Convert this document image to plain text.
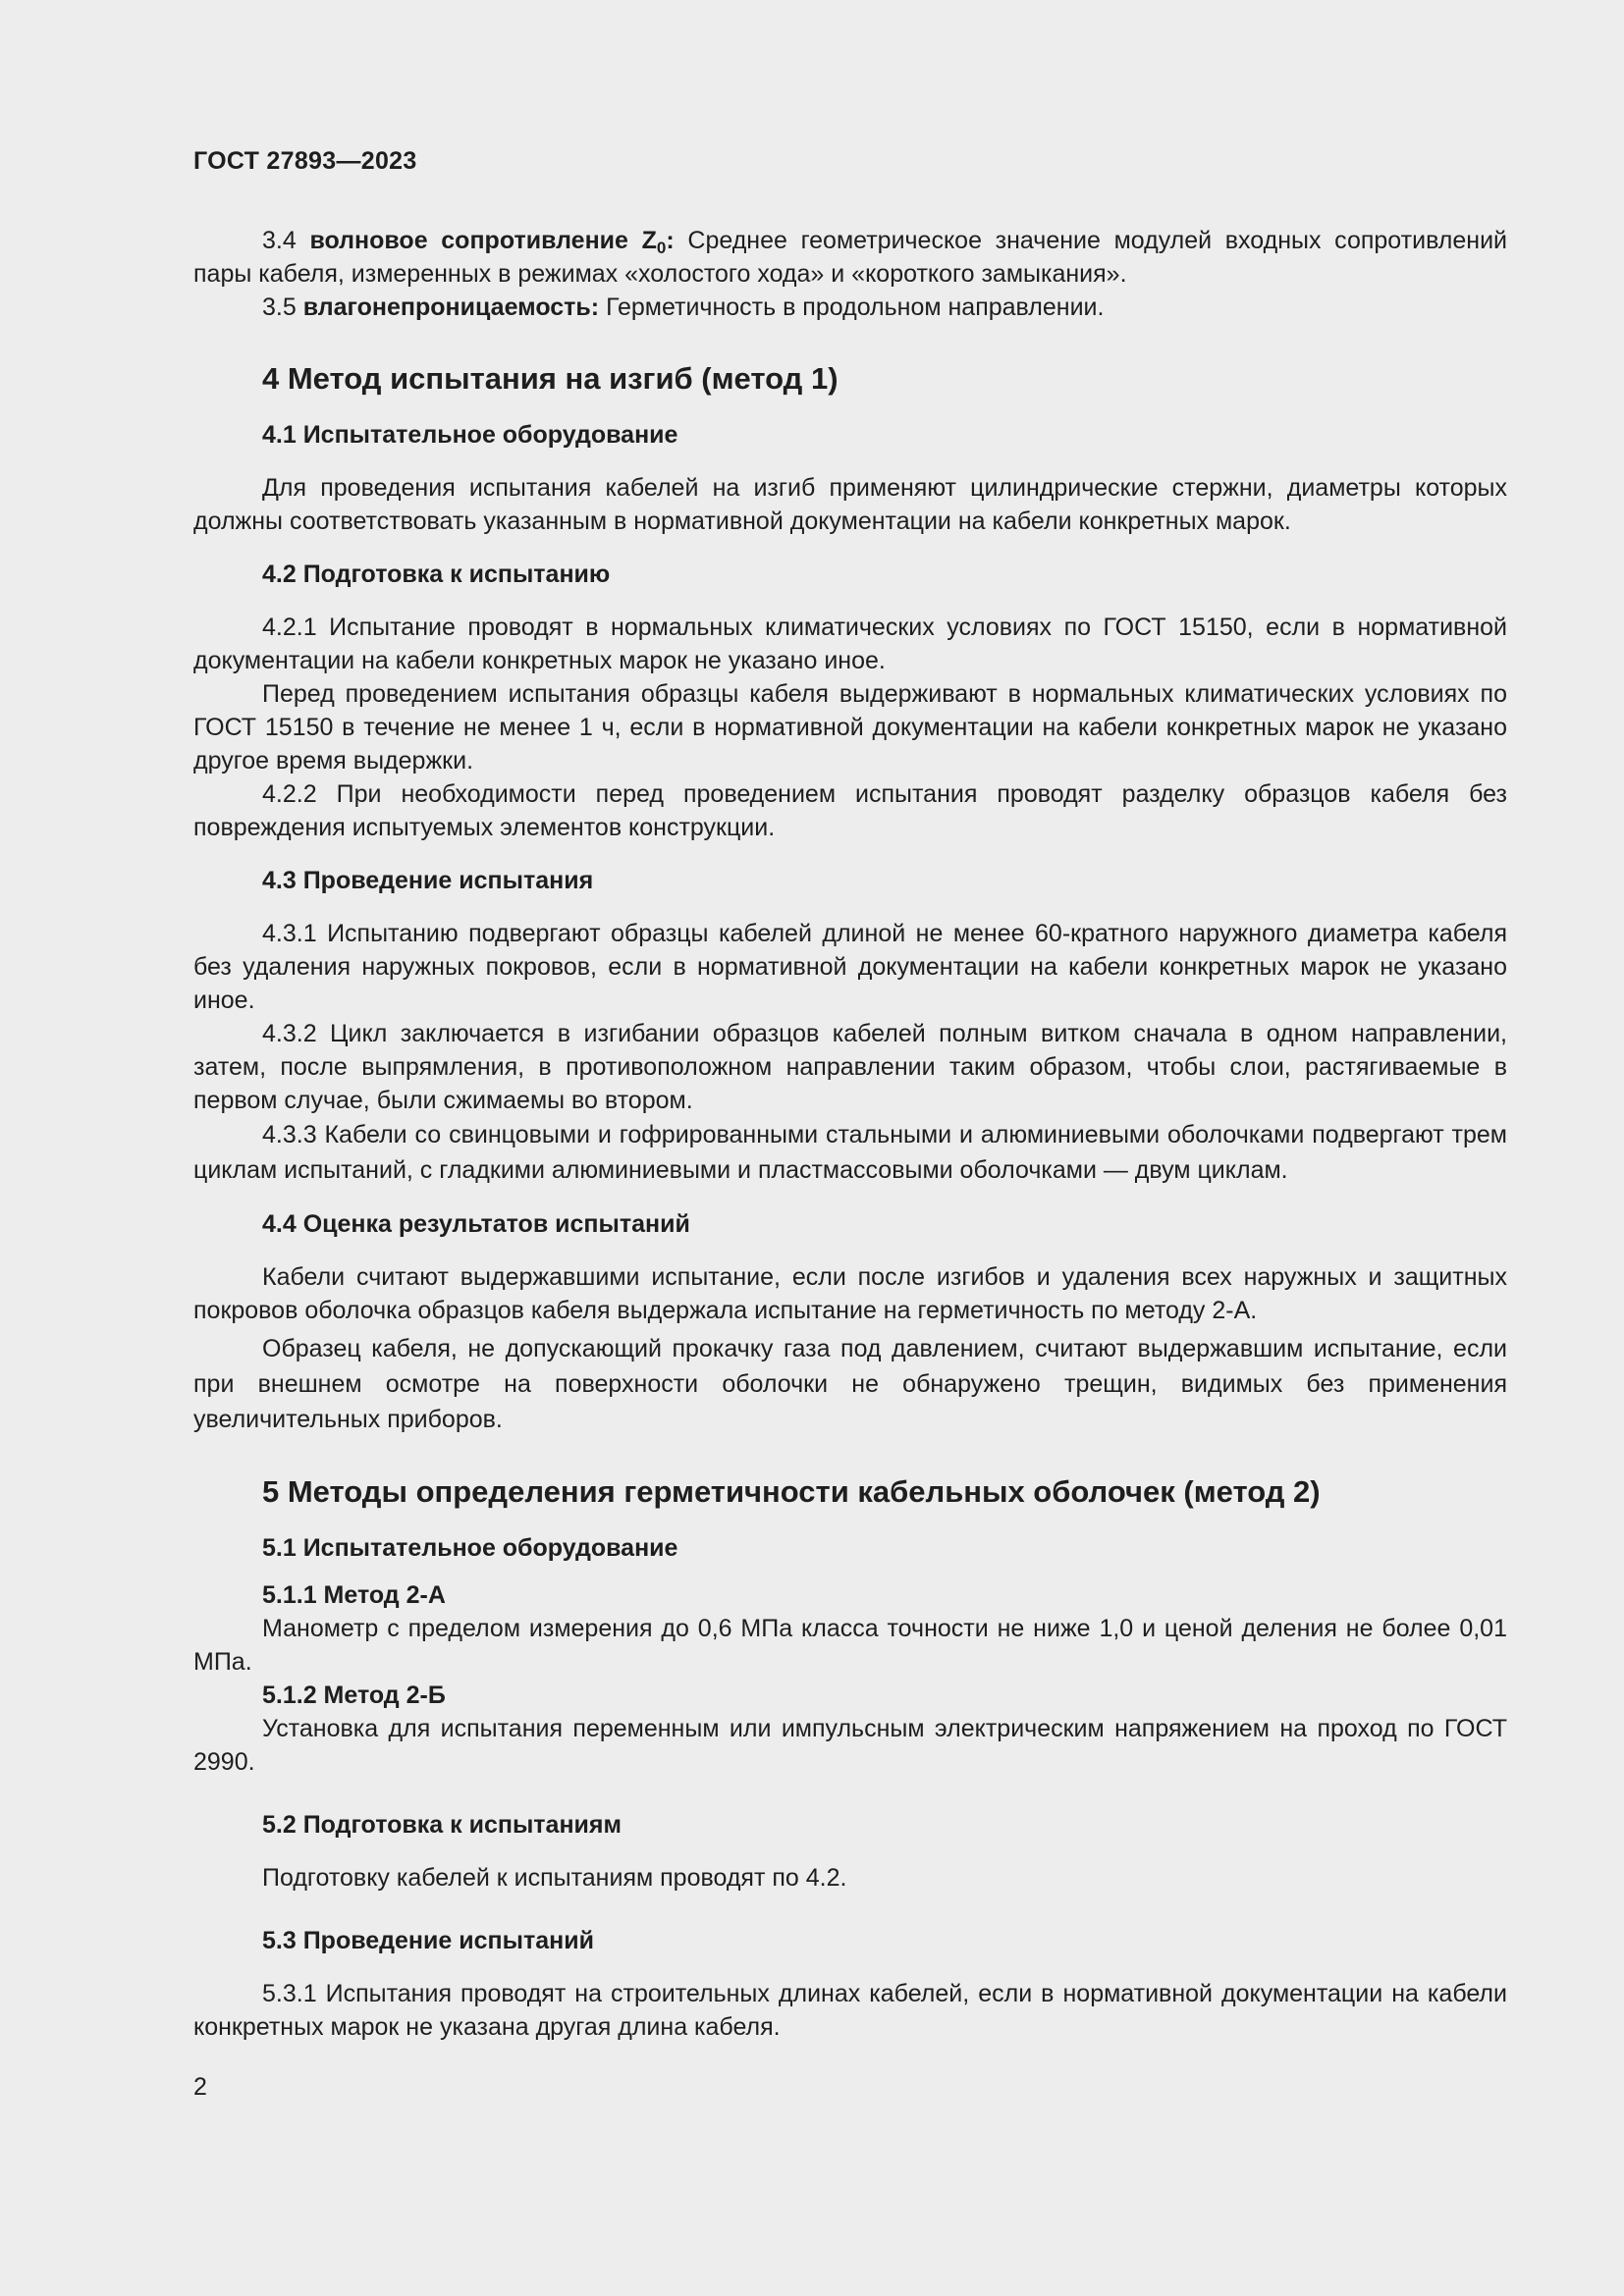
ГОСТ 27893—2023

3.4 волновое сопротивление $Z_0$: Среднее геометрическое значение модулей входных сопротивлений пары кабеля, измеренных в режимах «холостого хода» и «короткого замыкания».

3.5 влагонепроницаемость: Герметичность в продольном направлении.

4 Метод испытания на изгиб (метод 1)
4.1 Испытательное оборудование

Для проведения испытания кабелей на изгиб применяют цилиндрические стержни, диаметры которых должны соответствовать указанным в нормативной документации на кабели конкретных марок.

4.2 Подготовка к испытанию

4.2.1 Испытание проводят в нормальных климатических условиях по ГОСТ 15150, если в нормативной документации на кабели конкретных марок не указано иное.

Перед проведением испытания образцы кабеля выдерживают в нормальных климатических условиях по ГОСТ 15150 в течение не менее 1 ч, если в нормативной документации на кабели конкретных марок не указано другое время выдержки.

4.2.2 При необходимости перед проведением испытания проводят разделку образцов кабеля без повреждения испытуемых элементов конструкции.

4.3 Проведение испытания

4.3.1 Испытанию подвергают образцы кабелей длиной не менее 60-кратного наружного диаметра кабеля без удаления наружных покровов, если в нормативной документации на кабели конкретных марок не указано иное.

4.3.2 Цикл заключается в изгибании образцов кабелей полным витком сначала в одном направлении, затем, после выпрямления, в противоположном направлении таким образом, чтобы слои, растягиваемые в первом случае, были сжимаемы во втором.

4.3.3 Кабели со свинцовыми и гофрированными стальными и алюминиевыми оболочками подвергают трем циклам испытаний, с гладкими алюминиевыми и пластмассовыми оболочками — двум циклам.

4.4 Оценка результатов испытаний

Кабели считают выдержавшими испытание, если после изгибов и удаления всех наружных и защитных покровов оболочка образцов кабеля выдержала испытание на герметичность по методу 2-А.

Образец кабеля, не допускающий прокачку газа под давлением, считают выдержавшим испытание, если при внешнем осмотре на поверхности оболочки не обнаружено трещин, видимых без применения увеличительных приборов.

5 Методы определения герметичности кабельных оболочек (метод 2)
5.1 Испытательное оборудование
5.1.1 Метод 2-А

Манометр с пределом измерения до 0,6 МПа класса точности не ниже 1,0 и ценой деления не более 0,01 МПа.

5.1.2 Метод 2-Б

Установка для испытания переменным или импульсным электрическим напряжением на проход по ГОСТ 2990.

5.2 Подготовка к испытаниям

Подготовку кабелей к испытаниям проводят по 4.2.

5.3 Проведение испытаний

5.3.1 Испытания проводят на строительных длинах кабелей, если в нормативной документации на кабели конкретных марок не указана другая длина кабеля.

2
